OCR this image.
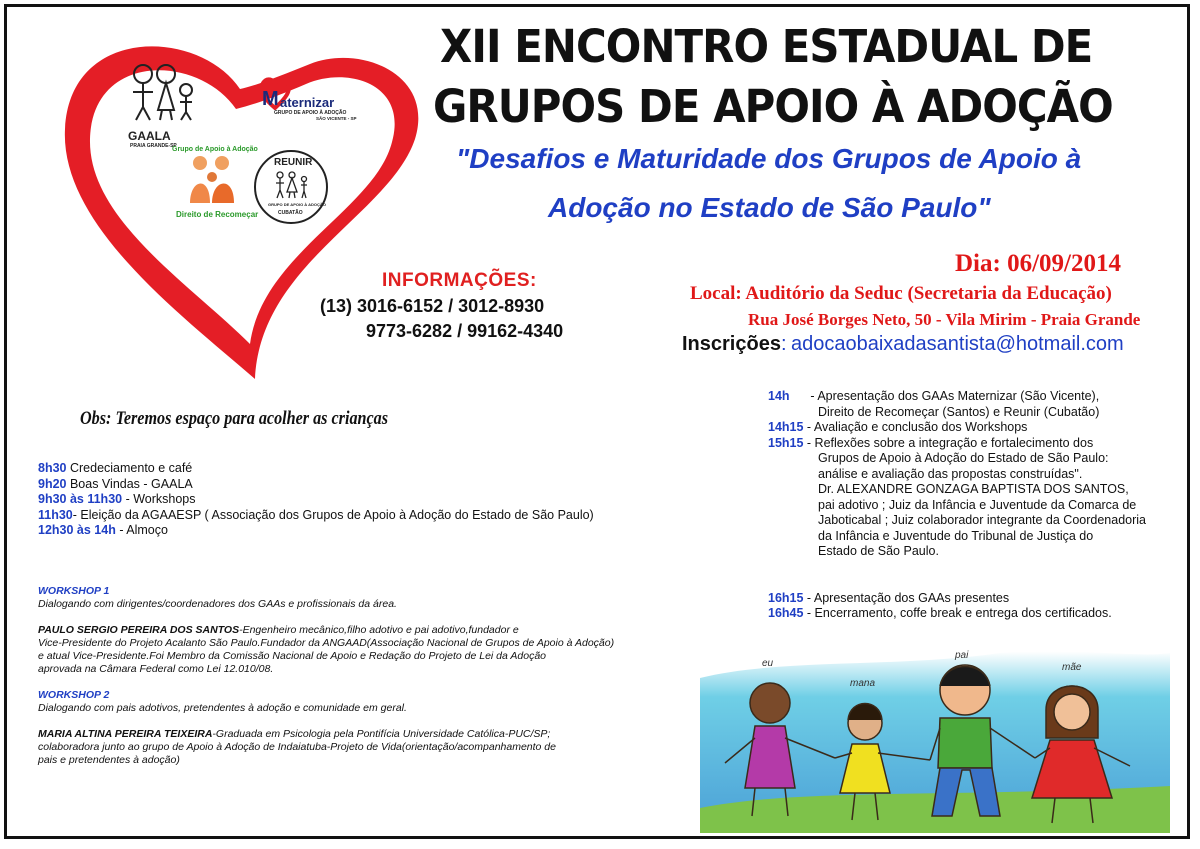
GAALA
PRAIA GRANDE-SP
M aternizar
GRUPO DE APOIO À ADOÇÃO
SÃO VICENTE - SP
Grupo de Apoio à Adoção
Direito de Recomeçar
REUNIR
GRUPO DE APOIO À ADOÇÃO
CUBATÃO
XII ENCONTRO ESTADUAL DE
GRUPOS DE APOIO À ADOÇÃO
"Desafios e Maturidade dos Grupos de Apoio à
Adoção no Estado de São Paulo"
INFORMAÇÕES:
(13) 3016-6152 / 3012-8930
9773-6282 / 99162-4340
Dia: 06/09/2014
Local: Auditório da Seduc (Secretaria da Educação)
Rua José Borges Neto, 50 - Vila Mirim - Praia Grande
Inscrições: adocaobaixadasantista@hotmail.com
Obs: Teremos espaço para acolher as crianças
8h30 Credeciamento e café
9h20 Boas Vindas - GAALA
9h30 às 11h30 - Workshops
11h30- Eleição da AGAAESP ( Associação dos Grupos de Apoio à Adoção do Estado de São Paulo)
12h30 às 14h - Almoço
WORKSHOP 1
Dialogando com dirigentes/coordenadores dos GAAs e profissionais da área.
PAULO SERGIO PEREIRA DOS SANTOS-Engenheiro mecânico,filho adotivo e pai adotivo,fundador e
Vice-Presidente do Projeto Acalanto São Paulo.Fundador da ANGAAD(Associação Nacional de Grupos de Apoio à Adoção)
e atual Vice-Presidente.Foi Membro da Comissão Nacional de Apoio e Redação do Projeto de Lei da Adoção
aprovada na Câmara Federal como Lei 12.010/08.
WORKSHOP 2
Dialogando com pais adotivos, pretendentes à adoção e comunidade em geral.
MARIA ALTINA PEREIRA TEIXEIRA-Graduada em Psicologia pela Pontifícia Universidade Católica-PUC/SP;
colaboradora junto ao grupo de Apoio à Adoção de Indaiatuba-Projeto de Vida(orientação/acompanhamento de
pais e pretendentes à adoção)
14h      - Apresentação dos GAAs Maternizar (São Vicente),
Direito de Recomeçar (Santos) e Reunir (Cubatão)
14h15 - Avaliação e conclusão dos Workshops
15h15 - Reflexões sobre a integração e fortalecimento dos
Grupos de Apoio à Adoção do Estado de São Paulo:
análise e avaliação das propostas construídas".
Dr. ALEXANDRE GONZAGA BAPTISTA DOS SANTOS,
pai adotivo ; Juiz da Infância e Juventude da Comarca de
Jaboticabal ; Juiz colaborador integrante da Coordenadoria
da Infância e Juventude do Tribunal de Justiça do
Estado de São Paulo.
16h15 - Apresentação dos GAAs presentes
16h45 - Encerramento, coffe break e entrega dos certificados.
eu
mana
pai
mãe
